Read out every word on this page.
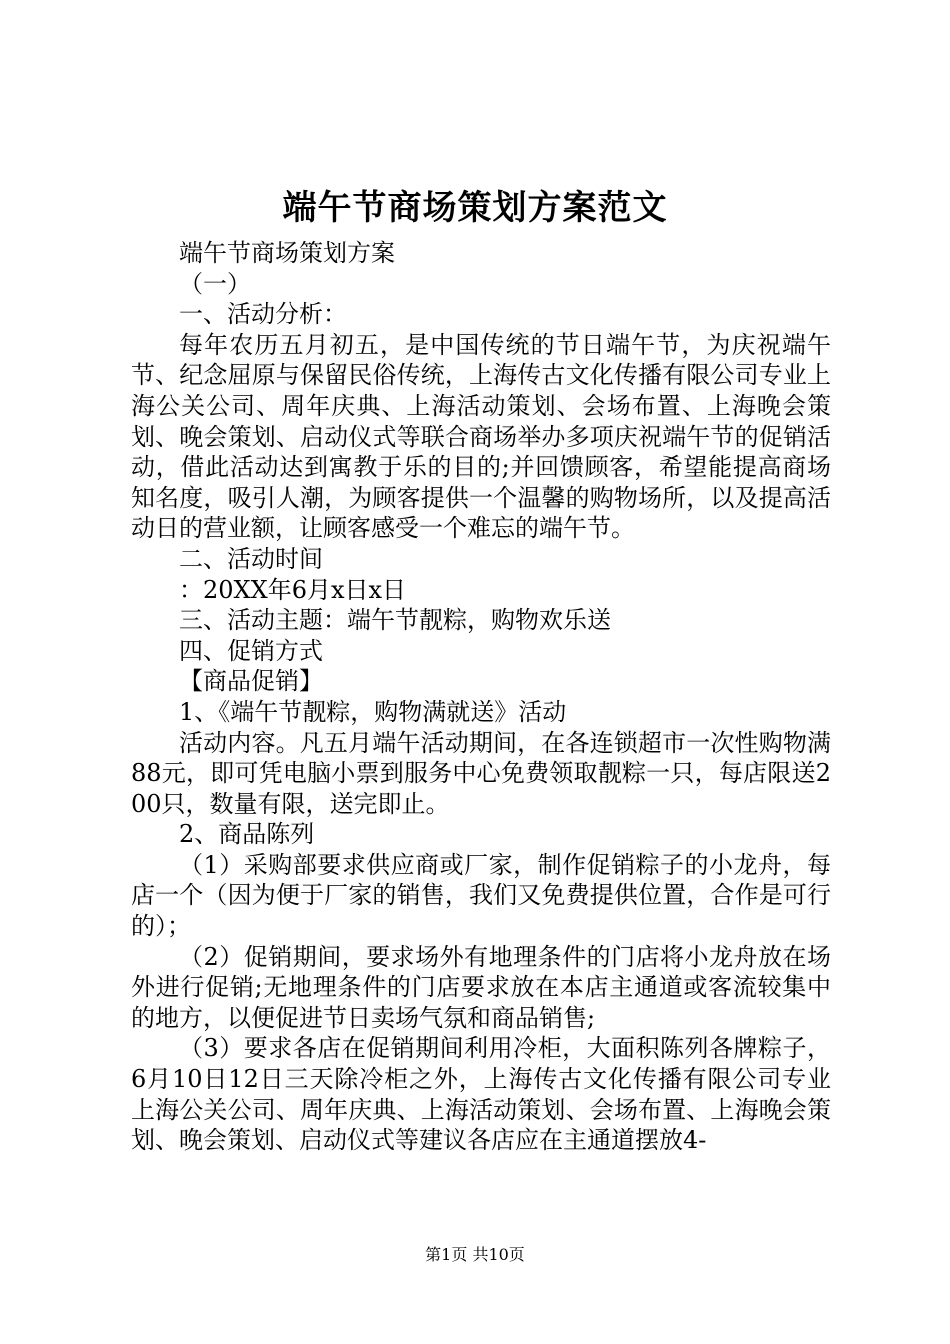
端午节商场策划方案范文

端午节商场策划方案

（一）

一、活动分析：

每年农历五月初五，是中国传统的节日端午节，为庆祝端午节、纪念屈原与保留民俗传统，上海传古文化传播有限公司专业上海公关公司、周年庆典、上海活动策划、会场布置、上海晚会策划、晚会策划、启动仪式等联合商场举办多项庆祝端午节的促销活动，借此活动达到寓教于乐的目的;并回馈顾客，希望能提高商场知名度，吸引人潮，为顾客提供一个温馨的购物场所，以及提高活动日的营业额，让顾客感受一个难忘的端午节。

二、活动时间

：20XX年6月x日x日

三、活动主题：端午节靓粽，购物欢乐送

四、促销方式

【商品促销】

1、《端午节靓粽，购物满就送》活动

活动内容。凡五月端午活动期间，在各连锁超市一次性购物满88元，即可凭电脑小票到服务中心免费领取靓粽一只，每店限送200只，数量有限，送完即止。

2、商品陈列

（1）采购部要求供应商或厂家，制作促销粽子的小龙舟，每店一个（因为便于厂家的销售，我们又免费提供位置，合作是可行的）；

（2）促销期间，要求场外有地理条件的门店将小龙舟放在场外进行促销;无地理条件的门店要求放在本店主通道或客流较集中的地方，以便促进节日卖场气氛和商品销售;

（3）要求各店在促销期间利用冷柜，大面积陈列各牌粽子，6月10日12日三天除冷柜之外，上海传古文化传播有限公司专业上海公关公司、周年庆典、上海活动策划、会场布置、上海晚会策划、晚会策划、启动仪式等建议各店应在主通道摆放4-

第1页 共10页
